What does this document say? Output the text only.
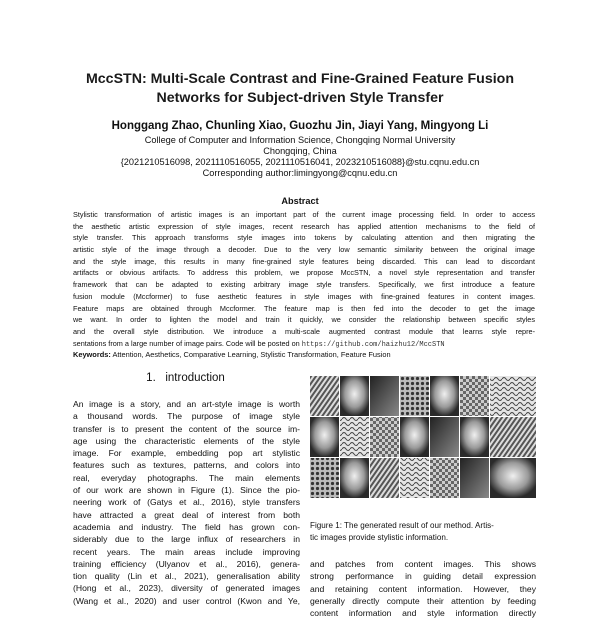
MccSTN: Multi-Scale Contrast and Fine-Grained Feature Fusion
Networks for Subject-driven Style Transfer

Honggang Zhao, Chunling Xiao, Guozhu Jin, Jiayi Yang, Mingyong Li

College of Computer and Information Science, Chongqing Normal University
Chongqing, China
{2021210516098, 2021110516055, 2021110516041, 2023210516088}@stu.cqnu.edu.cn
Corresponding author:limingyong@cqnu.edu.cn

Abstract

Stylistic transformation of artistic images is an important part of the current image processing field. In order to access
the aesthetic artistic expression of style images, recent research has applied attention mechanisms to the field of
style transfer. This approach transforms style images into tokens by calculating attention and then migrating the
artistic style of the image through a decoder. Due to the very low semantic similarity between the original image
and the style image, this results in many fine-grained style features being discarded. This can lead to discordant
artifacts or obvious artifacts. To address this problem, we propose MccSTN, a novel style representation and transfer
framework that can be adapted to existing arbitrary image style transfers. Specifically, we first introduce a feature
fusion module (Mccformer) to fuse aesthetic features in style images with fine-grained features in content images.
Feature maps are obtained through Mccformer. The feature map is then fed into the decoder to get the image
we want. In order to lighten the model and train it quickly, we consider the relationship between specific styles
and the overall style distribution. We introduce a multi-scale augmented contrast module that learns style repre-
sentations from a large number of image pairs. Code will be posted on https://github.com/haizhu12/MccSTN

Keywords: Attention, Aesthetics, Comparative Learning, Stylistic Transformation, Feature Fusion

1. introduction

An image is a story, and an art-style image is worth
a thousand words. The purpose of image style
transfer is to present the content of the source im-
age using the characteristic elements of the style
image. For example, embedding pop art stylistic
features such as textures, patterns, and colors into
real, everyday photographs. The main elements
of our work are shown in Figure (1). Since the pio-
neering work of (Gatys et al., 2016), style transfers
have attracted a great deal of interest from both
academia and industry. The field has grown con-
siderably due to the large influx of researchers in
recent years. The main areas include improving
training efficiency (Ulyanov et al., 2016), genera-
tion quality (Lin et al., 2021), generalisation ability
(Hong et al., 2023), diversity of generated images
(Wang et al., 2020) and user control (Kwon and Ye,
Figure 1: The generated result of our method. Artis-
tic images provide stylistic information.
and patches from content images. This shows
strong performance in guiding detail expression
and retaining content information. However, they
generally directly compute their attention by feeding
content information and style information directly
